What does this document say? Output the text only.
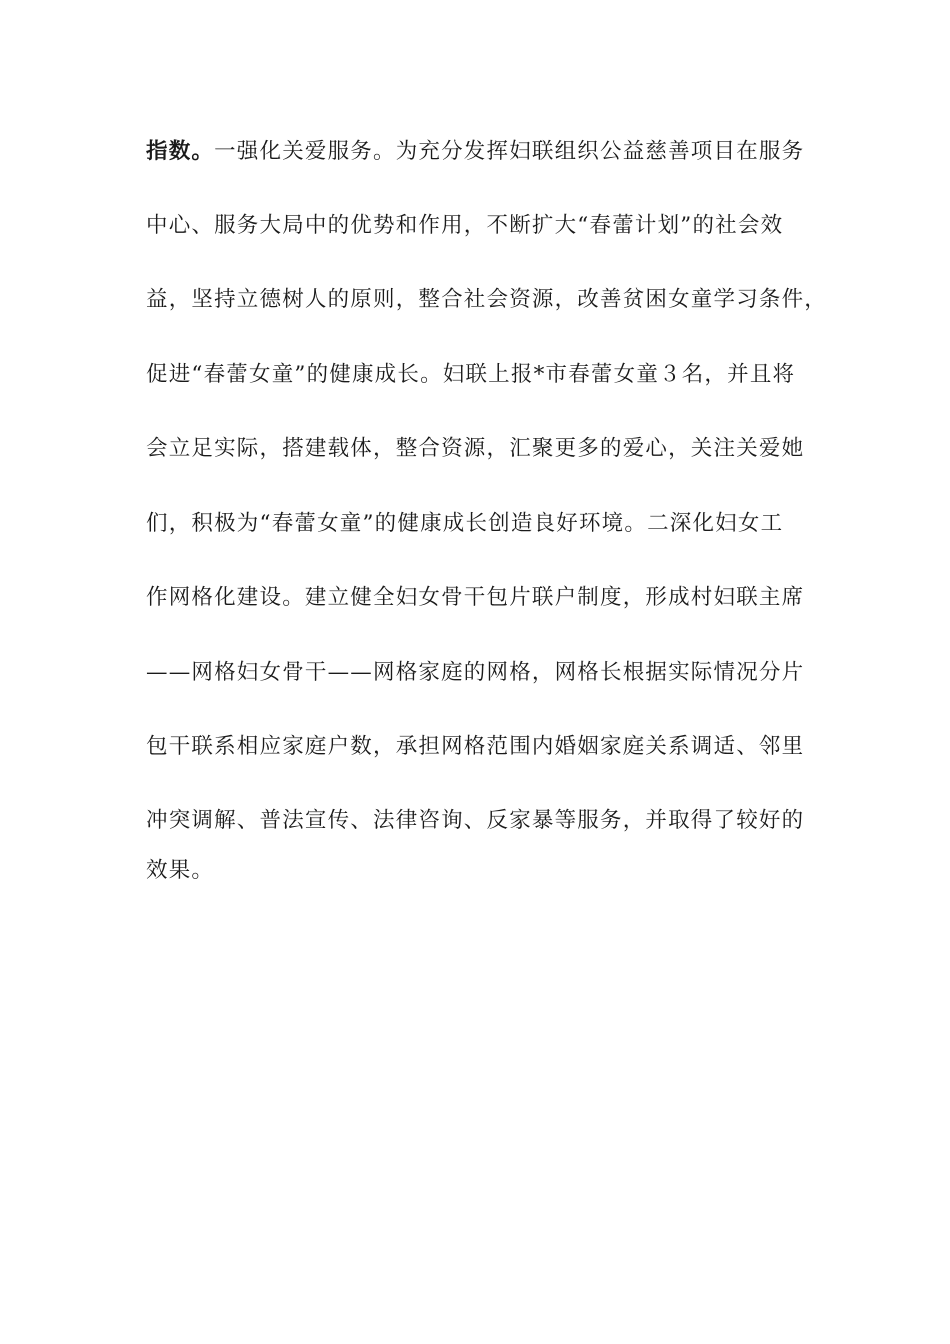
指数。一强化关爱服务。为充分发挥妇联组织公益慈善项目在服务
中心、服务大局中的优势和作用，不断扩大“春蕾计划”的社会效
益，坚持立德树人的原则，整合社会资源，改善贫困女童学习条件，
促进“春蕾女童”的健康成长。妇联上报*市春蕾女童３名，并且将
会立足实际，搭建载体，整合资源，汇聚更多的爱心，关注关爱她
们，积极为“春蕾女童”的健康成长创造良好环境。二深化妇女工
作网格化建设。建立健全妇女骨干包片联户制度，形成村妇联主席
——网格妇女骨干——网格家庭的网格，网格长根据实际情况分片
包干联系相应家庭户数，承担网格范围内婚姻家庭关系调适、邻里
冲突调解、普法宣传、法律咨询、反家暴等服务，并取得了较好的
效果。
